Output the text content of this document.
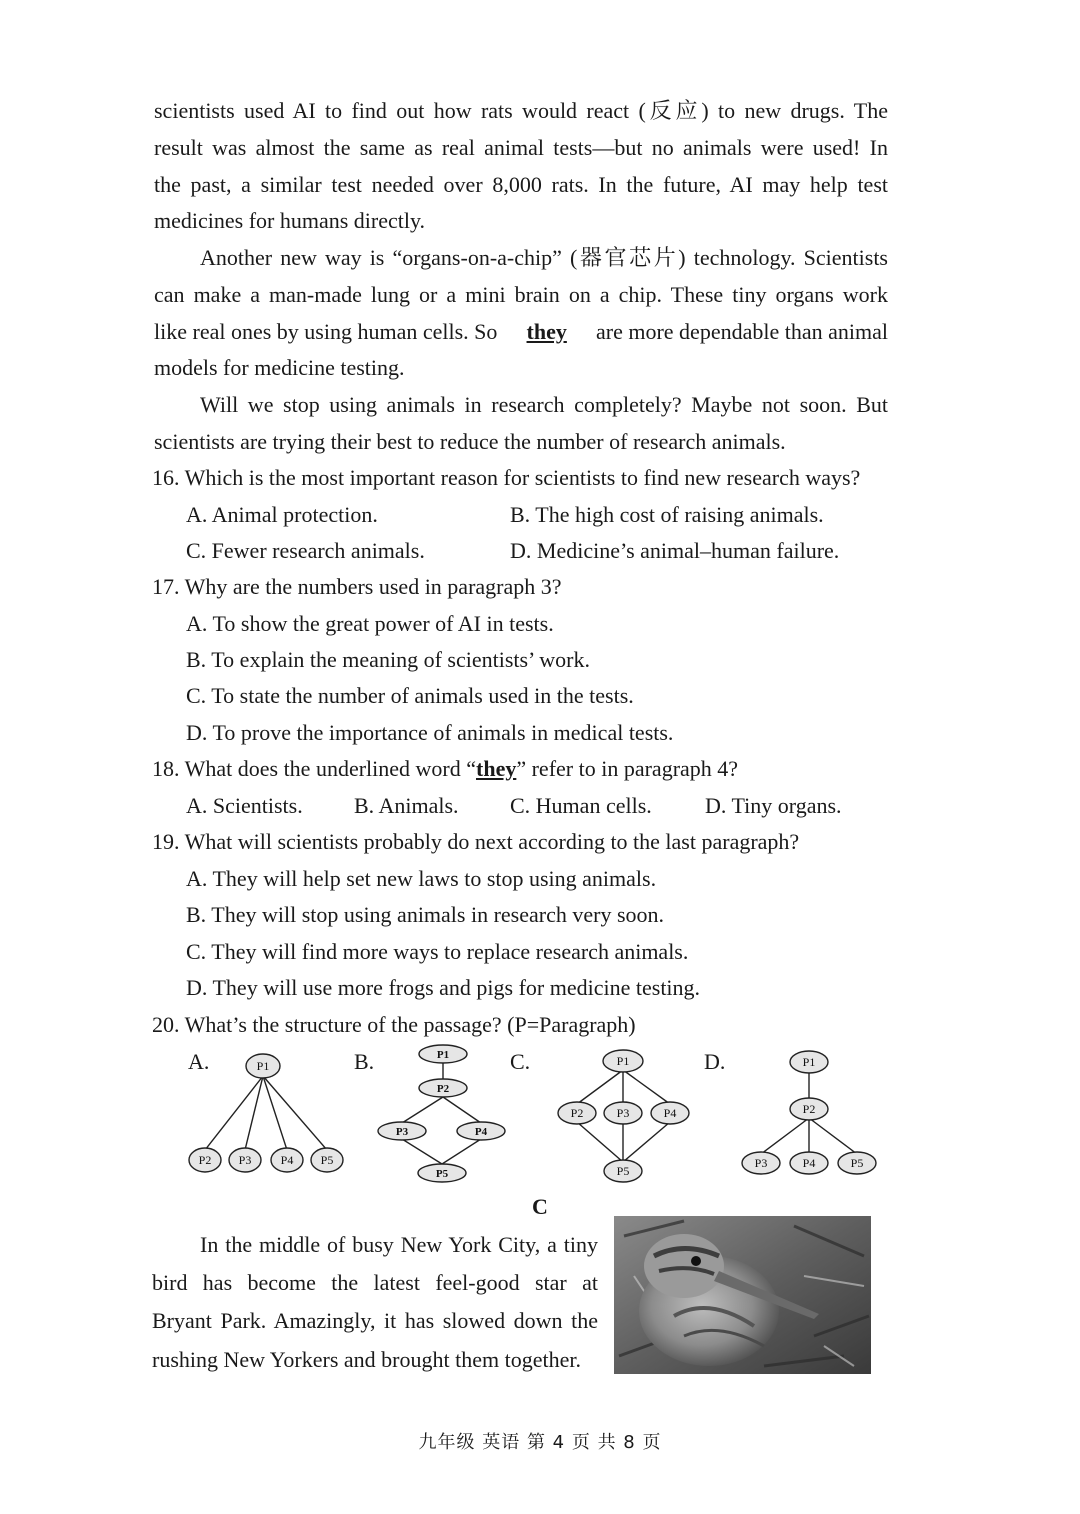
scientists used AI to find out how rats would react (反应) to new drugs. The
result was almost the same as real animal tests—but no animals were used! In
the past, a similar test needed over 8,000 rats. In the future, AI may help test
medicines for humans directly.
Another new way is “organs-on-a-chip” (器官芯片) technology. Scientists
can make a man-made lung or a mini brain on a chip. These tiny organs work
like real ones by using human cells. So they are more dependable than animal
models for medicine testing.
Will we stop using animals in research completely? Maybe not soon. But
scientists are trying their best to reduce the number of research animals.
16. Which is the most important reason for scientists to find new research ways?
A. Animal protection.	B. The high cost of raising animals.
C. Fewer research animals.	D. Medicine’s animal–human failure.
17. Why are the numbers used in paragraph 3?
A. To show the great power of AI in tests.
B. To explain the meaning of scientists’ work.
C. To state the number of animals used in the tests.
D. To prove the importance of animals in medical tests.
18. What does the underlined word “they” refer to in paragraph 4?
A. Scientists. B. Animals. C. Human cells. D. Tiny organs.
19. What will scientists probably do next according to the last paragraph?
A. They will help set new laws to stop using animals.
B. They will stop using animals in research very soon.
C. They will find more ways to replace research animals.
D. They will use more frogs and pigs for medicine testing.
20. What’s the structure of the passage? (P=Paragraph)
A.	B.	C.	D.
P1
P2 P3 P4 P5
P1
P2
P3	P4
P5
P1
P2	P3	P4
P5
P1
P2
P3	P4	P5
C
In the middle of busy New York City, a tiny
bird has become the latest feel-good star at
Bryant Park. Amazingly, it has slowed down the
rushing New Yorkers and brought them together.
九年级 英语 第 4 页 共 8 页
